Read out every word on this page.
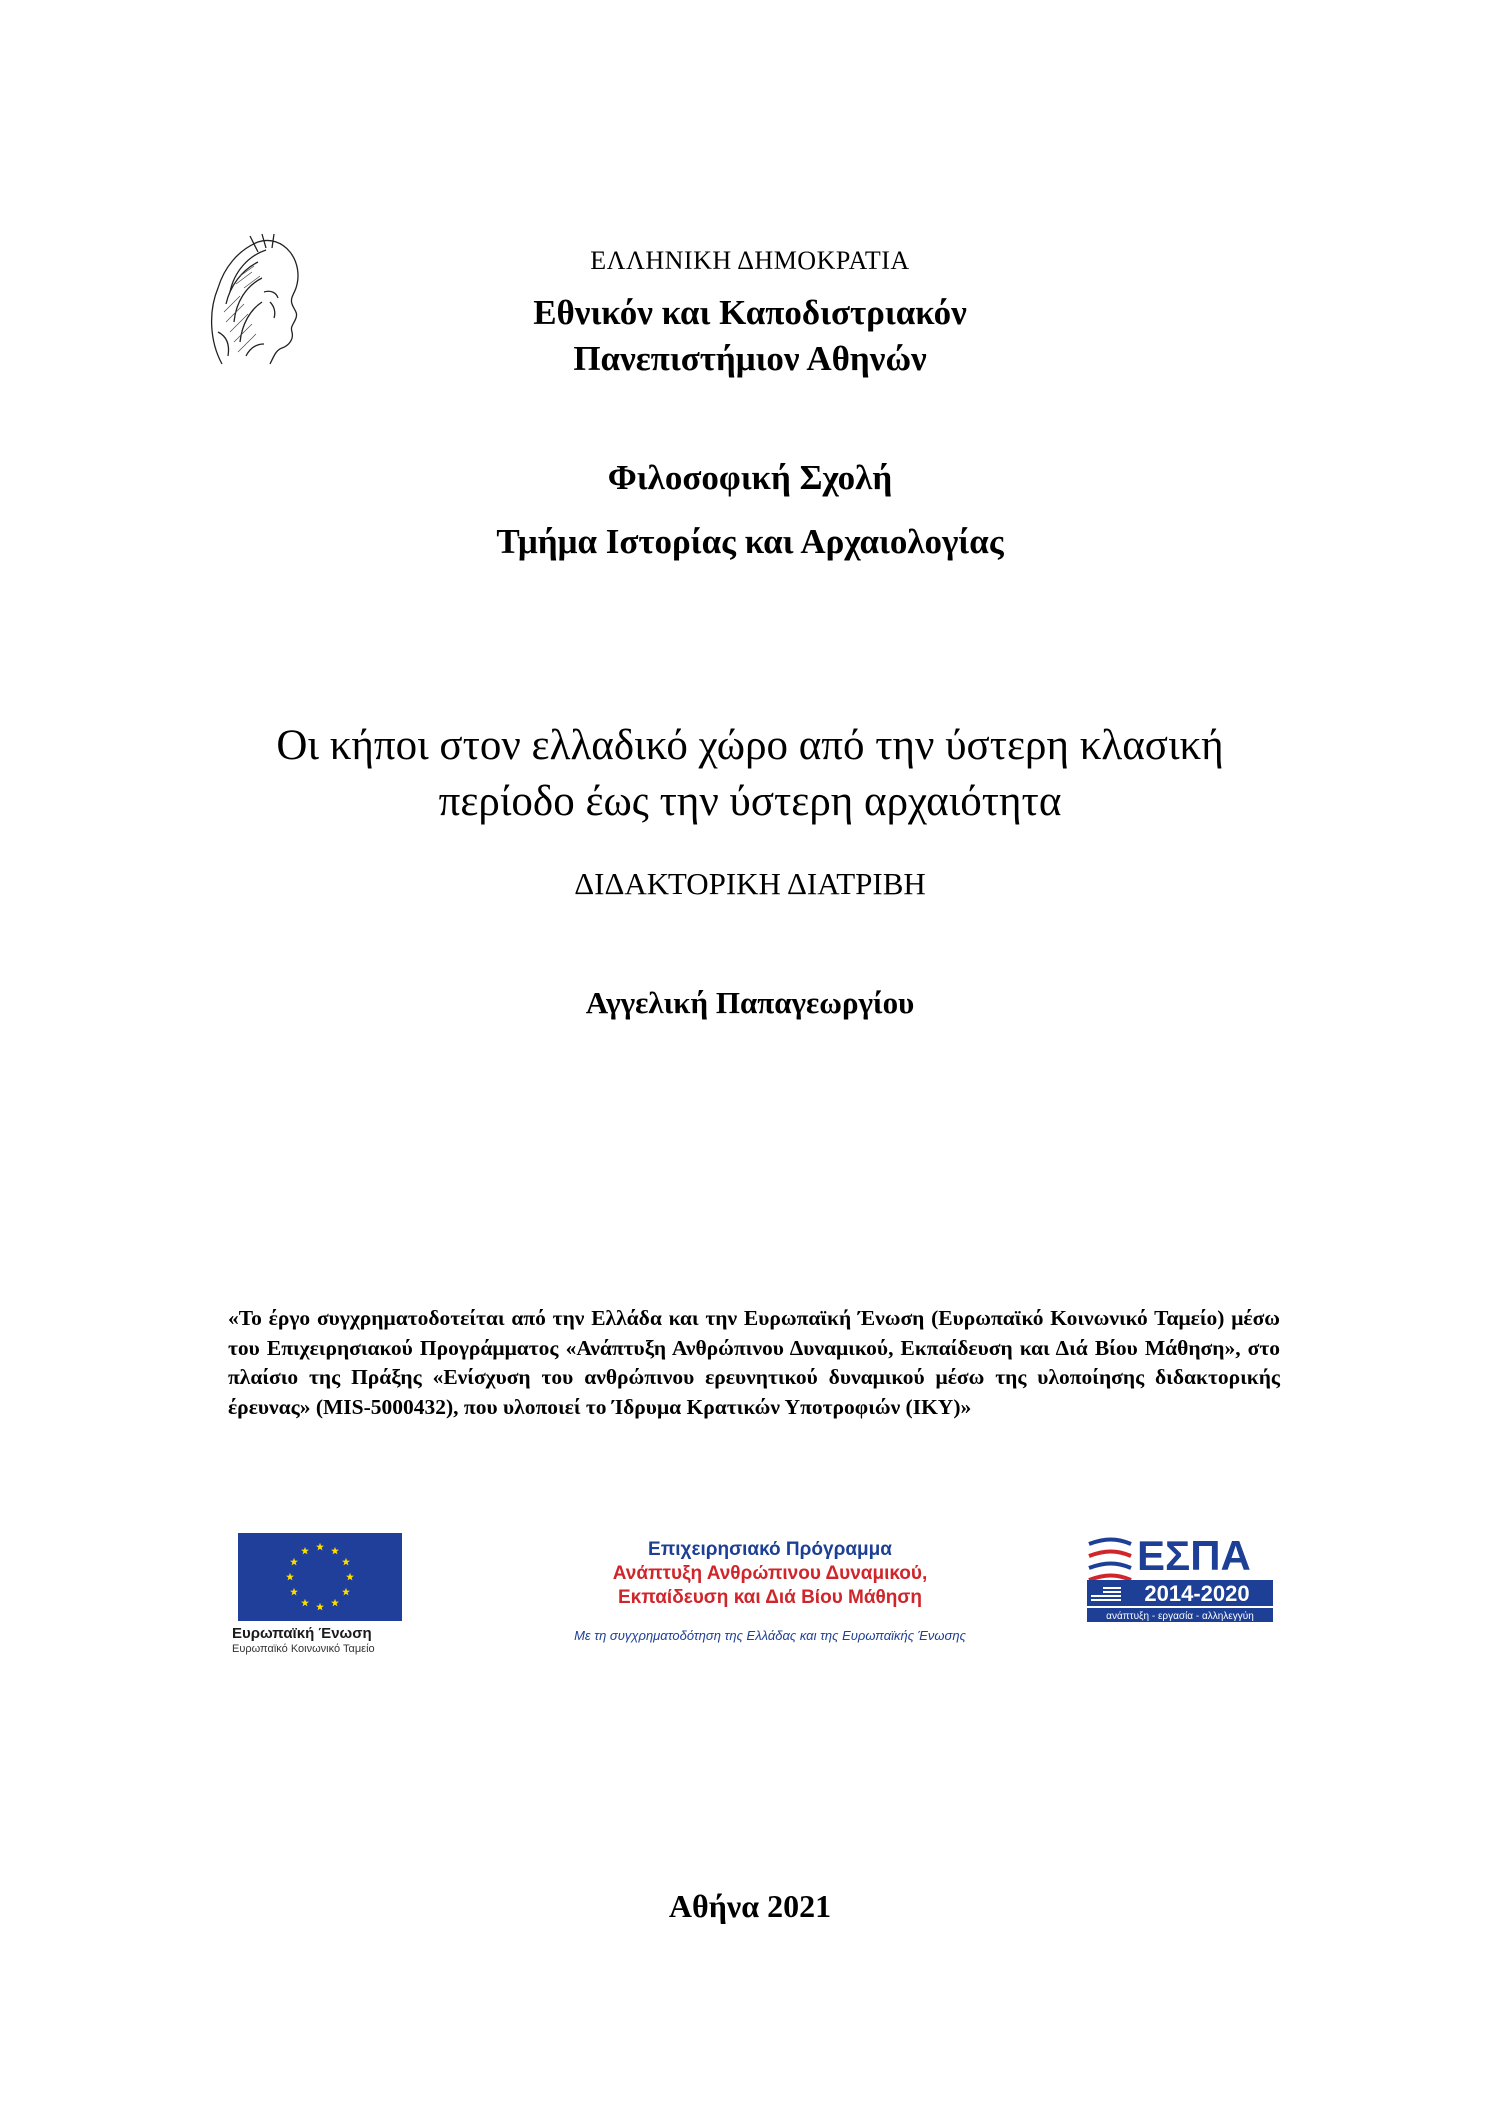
ΕΛΛΗΝΙΚΗ ΔΗΜΟΚΡΑΤΙΑ
Εθνικόν και Καποδιστριακόν
Πανεπιστήμιον Αθηνών
Φιλοσοφική Σχολή
Τμήμα Ιστορίας και Αρχαιολογίας
Οι κήποι στον ελλαδικό χώρο από την ύστερη κλασική
περίοδο έως την ύστερη αρχαιότητα
ΔΙΔΑΚΤΟΡΙΚΗ ΔΙΑΤΡΙΒΗ
Αγγελική Παπαγεωργίου
«Το έργο συγχρηματοδοτείται από την Ελλάδα και την Ευρωπαϊκή Ένωση (Ευρωπαϊκό Κοινωνικό Ταμείο) μέσω του Επιχειρησιακού Προγράμματος «Ανάπτυξη Ανθρώπινου Δυναμικού, Εκπαίδευση και Διά Βίου Μάθηση», στο πλαίσιο της Πράξης «Ενίσχυση του ανθρώπινου ερευνητικού δυναμικού μέσω της υλοποίησης διδακτορικής έρευνας» (MIS-5000432), που υλοποιεί το Ίδρυμα Κρατικών Υποτροφιών (ΙΚΥ)»
Ευρωπαϊκή Ένωση
Ευρωπαϊκό Κοινωνικό Ταμείο
Επιχειρησιακό Πρόγραμμα
Ανάπτυξη Ανθρώπινου Δυναμικού,
Εκπαίδευση και Διά Βίου Μάθηση
Με τη συγχρηματοδότηση της Ελλάδας και της Ευρωπαϊκής Ένωσης
ΕΣΠΑ
2014-2020
ανάπτυξη - εργασία - αλληλεγγύη
Αθήνα 2021
